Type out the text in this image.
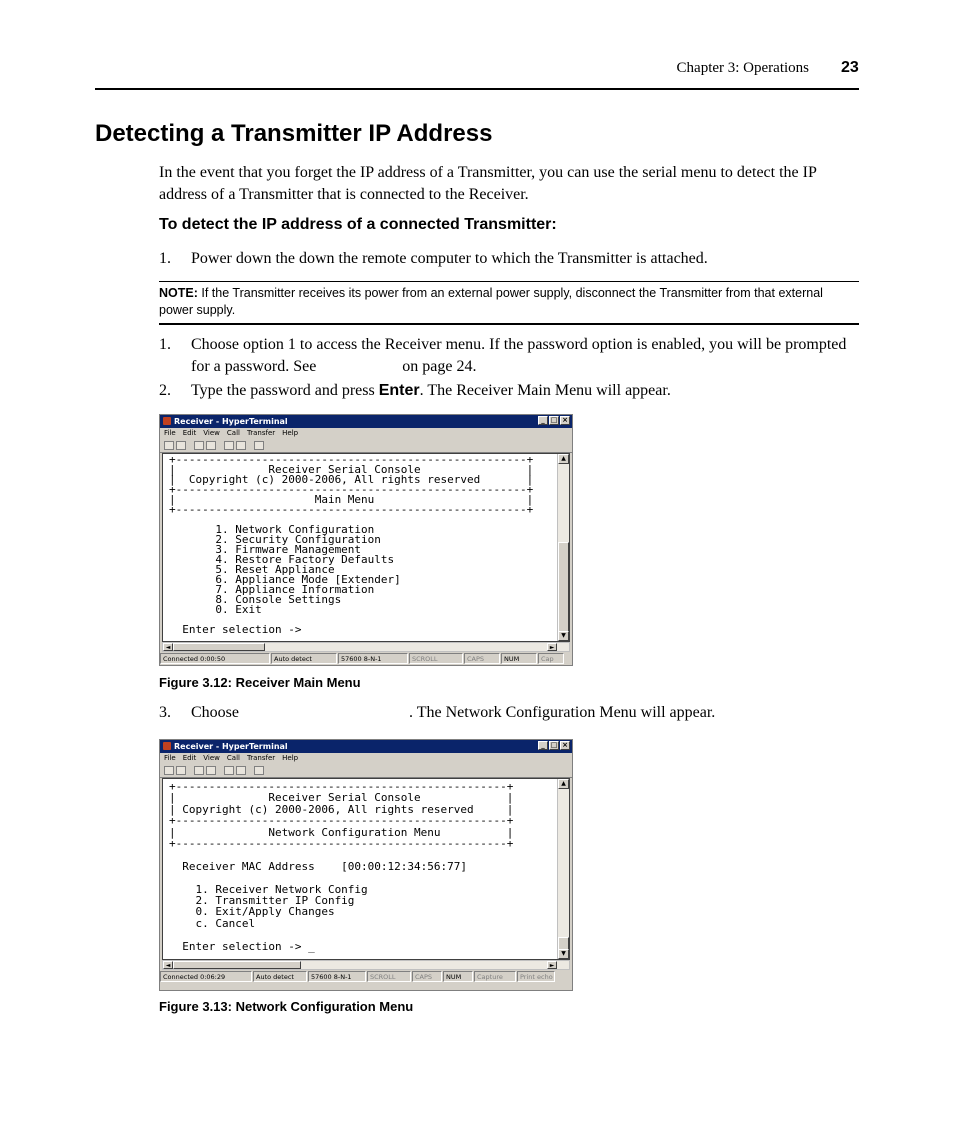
Chapter 3: Operations 23
Detecting a Transmitter IP Address

In the event that you forget the IP address of a Transmitter, you can use the serial menu to detect the IP address of a Transmitter that is connected to the Receiver.

To detect the IP address of a connected Transmitter:

1. Power down the down the remote computer to which the Transmitter is attached.
NOTE: If the Transmitter receives its power from an external power supply, disconnect the Transmitter from that external power supply.
1. Choose option 1 to access the Receiver menu. If the password option is enabled, you will be prompted for a password. See	on page 24.
2. Type the password and press Enter. The Receiver Main Menu will appear.
Receiver - HyperTerminal	_ □ ×
File Edit View Call Transfer Help
+-----------------------------------------------------+
|              Receiver Serial Console                |
|  Copyright (c) 2000-2006, All rights reserved       |
+-----------------------------------------------------+
|                     Main Menu                       |
+-----------------------------------------------------+

1. Network Configuration
2. Security Configuration
3. Firmware Management
4. Restore Factory Defaults
5. Reset Appliance
6. Appliance Mode [Extender]
7. Appliance Information
8. Console Settings
0. Exit

Enter selection ->
▲
▼
◄	►
Connected 0:00:50	Auto detect	57600 8-N-1	SCROLL	CAPS	NUM	Cap
Figure 3.12: Receiver Main Menu
3. Choose	. The Network Configuration Menu will appear.
Receiver - HyperTerminal	_ □ ×
File Edit View Call Transfer Help
+--------------------------------------------------+
|              Receiver Serial Console             |
| Copyright (c) 2000-2006, All rights reserved     |
+--------------------------------------------------+
|              Network Configuration Menu          |
+--------------------------------------------------+

Receiver MAC Address    [00:00:12:34:56:77]

1. Receiver Network Config
2. Transmitter IP Config
0. Exit/Apply Changes
c. Cancel

Enter selection -> _
▲
▼
◄	►
Connected 0:06:29	Auto detect	57600 8-N-1	SCROLL	CAPS	NUM	Capture	Print echo
Figure 3.13: Network Configuration Menu
